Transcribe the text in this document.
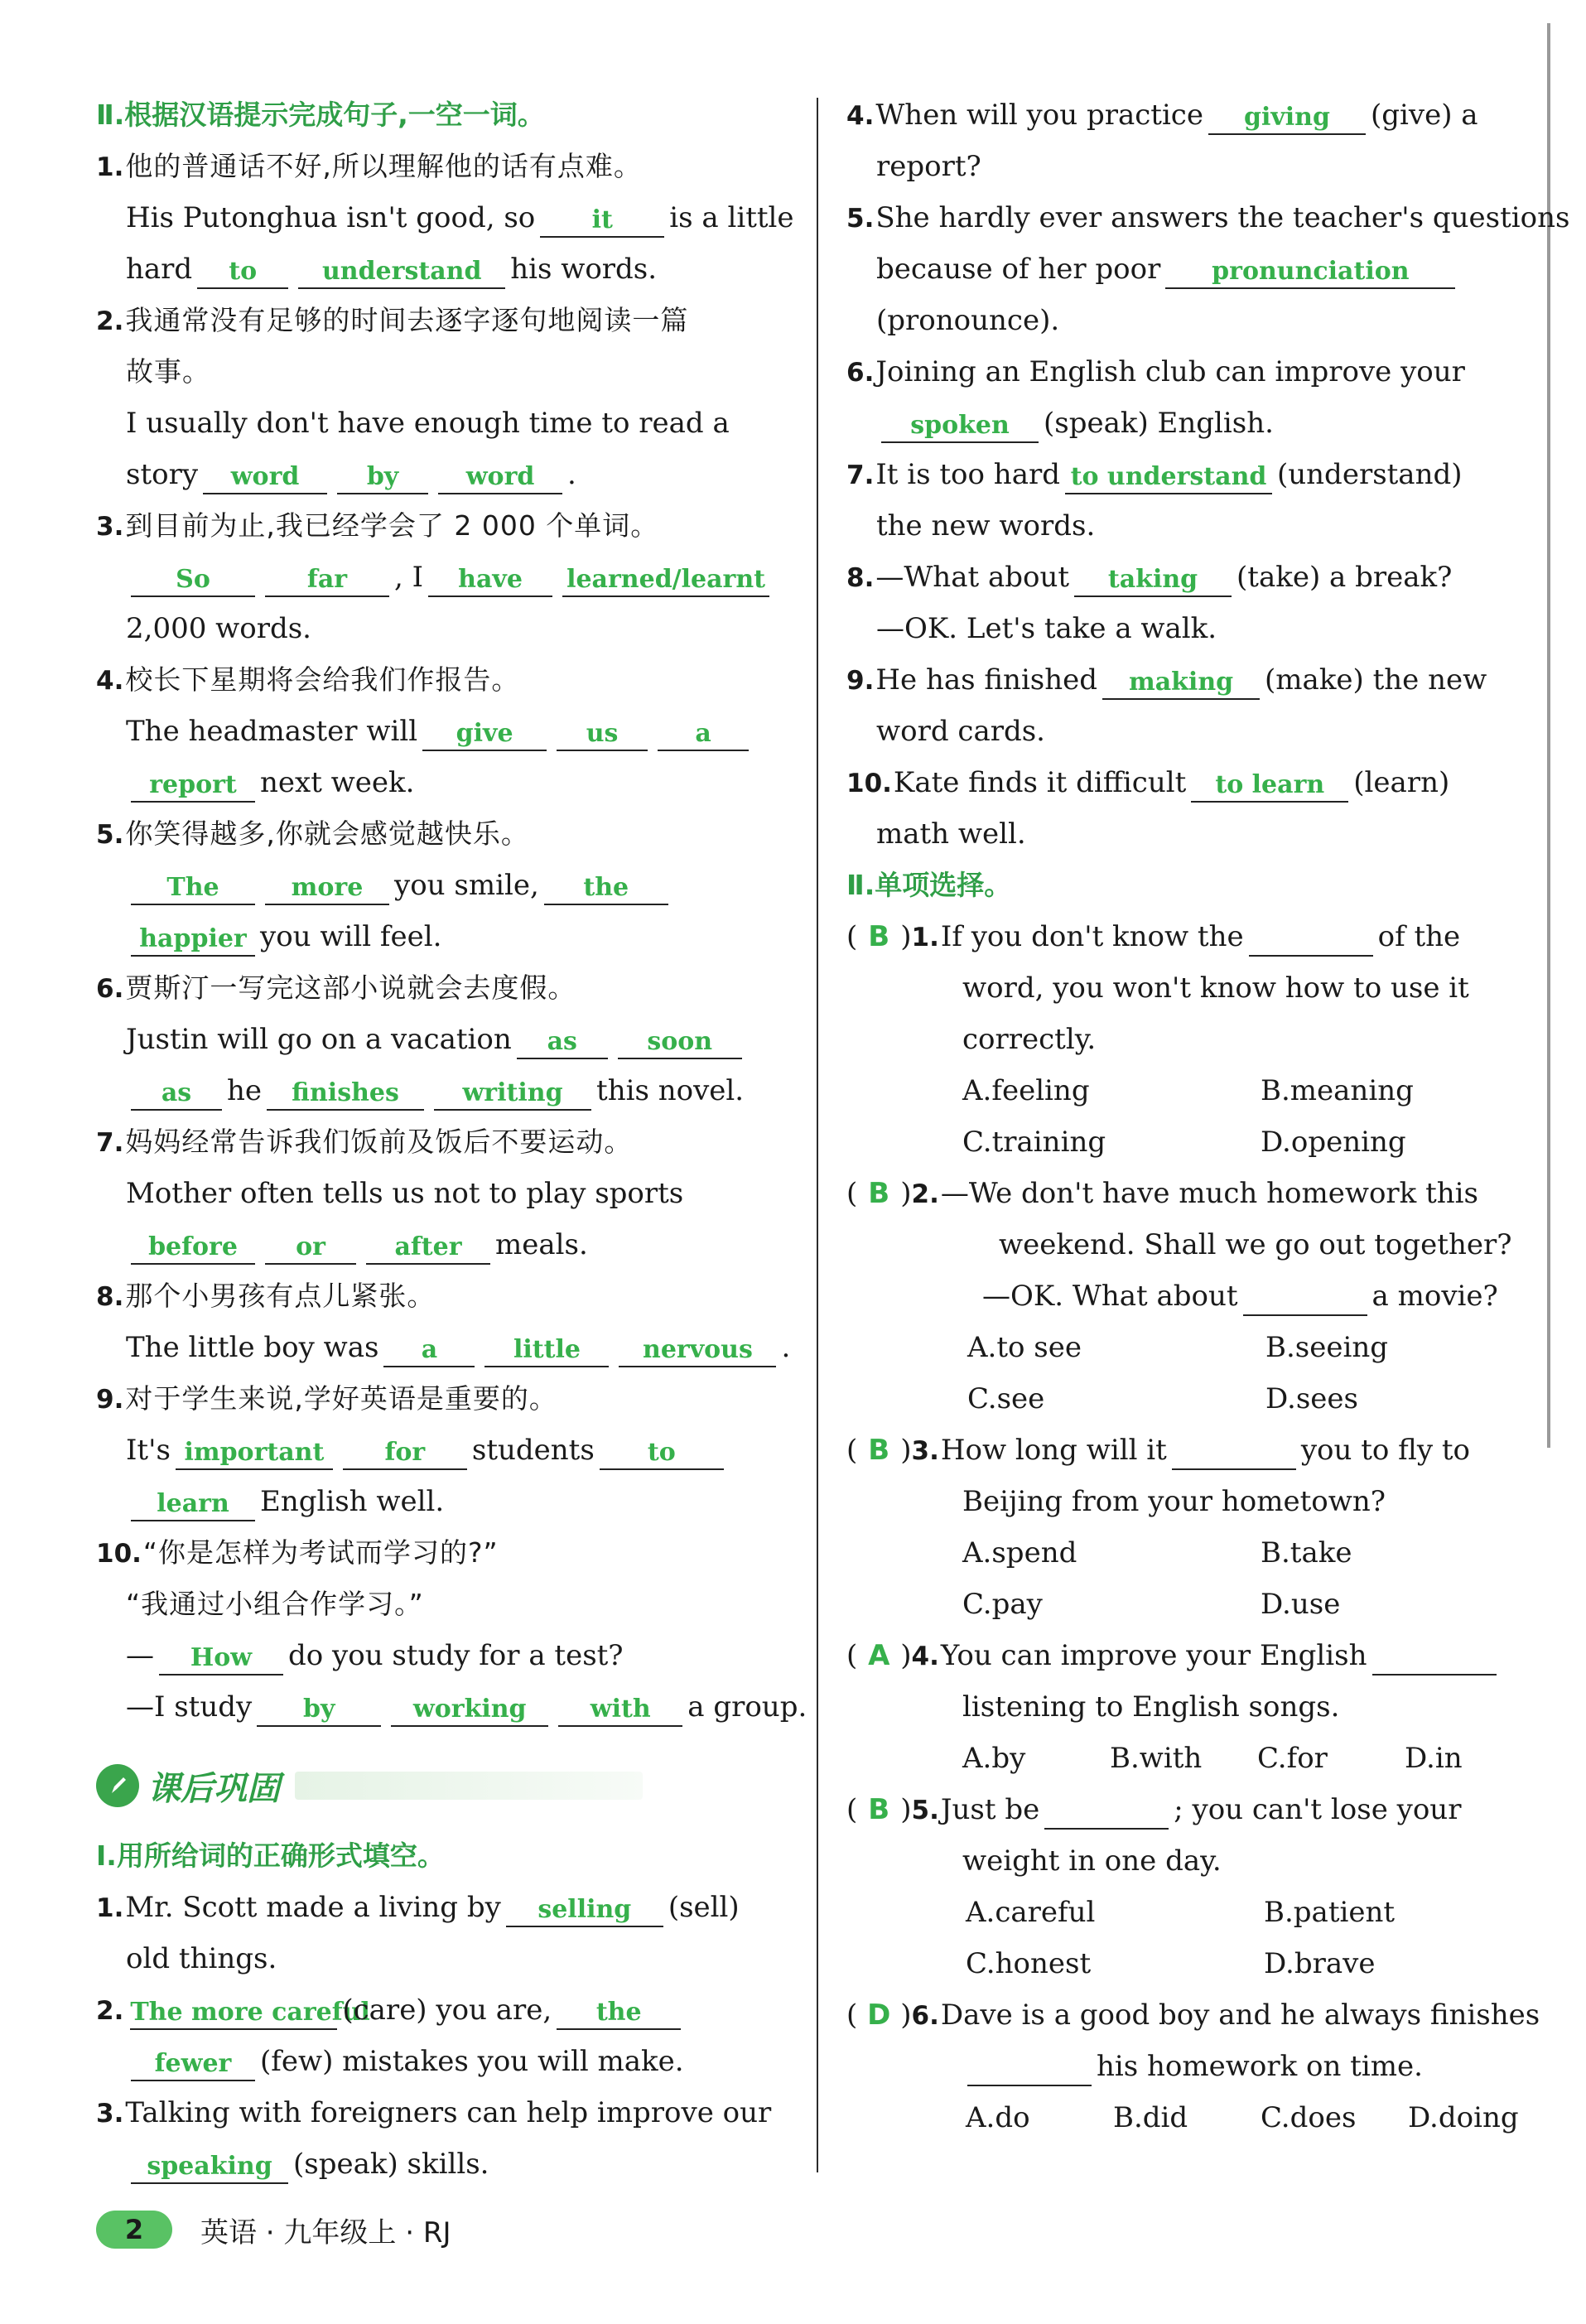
Ⅱ.根据汉语提示完成句子,一空一词。
1.他的普通话不好,所以理解他的话有点难。
His Putonghua isn't good, so it is a little
hard to	understand his words.
2.我通常没有足够的时间去逐字逐句地阅读一篇
故事。
I usually don't have enough time to read a
story word	by	word .
3.到目前为止,我已经学会了 2 000 个单词。
So	far , I have learned/learnt
2,000 words.
4.校长下星期将会给我们作报告。
The headmaster will give	us	a
report next week.
5.你笑得越多,你就会感觉越快乐。
The	more you smile, the
happier you will feel.
6.贾斯汀一写完这部小说就会去度假。
Justin will go on a vacation as	soon
as he finishes	writing this novel.
7.妈妈经常告诉我们饭前及饭后不要运动。
Mother often tells us not to play sports
before or	after meals.
8.那个小男孩有点儿紧张。
The little boy was a	little	nervous .
9.对于学生来说,学好英语是重要的。
It's important for students to
learn English well.
10.“你是怎样为考试而学习的?”
“我通过小组合作学习。”
— How do you study for a test?
—I study by	working	with a group.
课后巩固
Ⅰ.用所给词的正确形式填空。
1.Mr. Scott made a living by selling (sell)
old things.
2. The more careful(care) you are, the
fewer (few) mistakes you will make.
3.Talking with foreigners can help improve our
speaking (speak) skills.
4.When will you practice giving (give) a
report?
5.She hardly ever answers the teacher's questions
because of her poor pronunciation
(pronounce).
6.Joining an English club can improve your
spoken (speak) English.
7.It is too hard to understand (understand)
the new words.
8.—What about taking (take) a break?
—OK. Let's take a walk.
9.He has finished making (make) the new
word cards.
10.Kate finds it difficult to learn (learn)
math well.
Ⅱ.单项选择。
( B )1.If you don't know the	of the
word, you won't know how to use it
correctly.
A.feeling	B.meaning
C.training	D.opening
( B )2.—We don't have much homework this
weekend. Shall we go out together?
—OK. What about	a movie?
A.to see	B.seeing
C.see	D.sees
( B )3.How long will it	you to fly to
Beijing from your hometown?
A.spend	B.take
C.pay	D.use
( A )4.You can improve your English
listening to English songs.
A.by	B.with C.for	D.in
( B )5.Just be	; you can't lose your
weight in one day.
A.careful	B.patient
C.honest	D.brave
( D )6.Dave is a good boy and he always finishes
his homework on time.
A.do	B.did	C.does D.doing
2	英语 · 九年级上 · RJ
